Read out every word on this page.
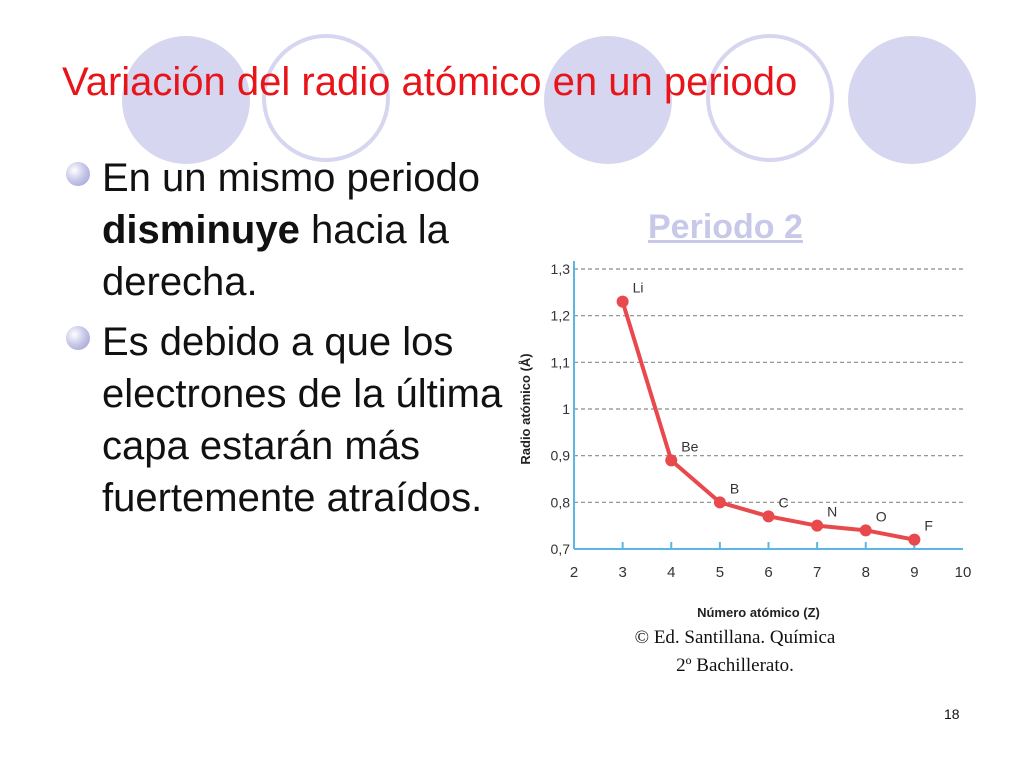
Variación del radio atómico en un periodo
En un mismo periodo disminuye hacia la derecha.
Es debido a que los electrones de la última capa estarán más fuertemente atraídos.
Periodo 2
0,7
0,8
0,9
1
1,1
1,2
1,3
2	3	4	5	6	7	8	9 10
Radio atómico (Å)
Número atómico (Z)
Li
Be
B
C
N	O
F
© Ed. Santillana. Química
2º Bachillerato.
18
